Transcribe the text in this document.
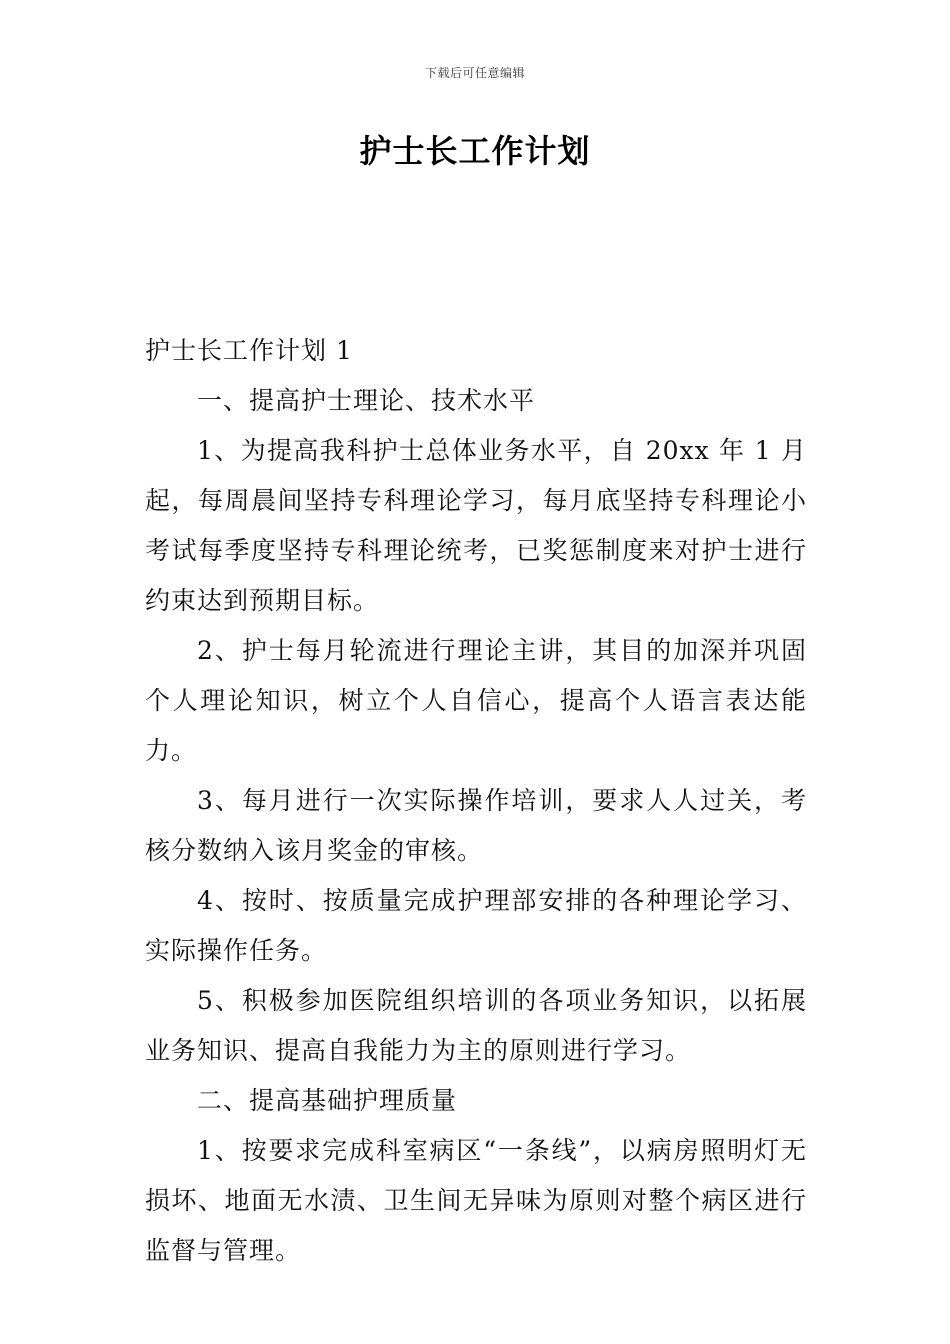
下载后可任意编辑
护士长工作计划

护士长工作计划 1

一、提高护士理论、技术水平

1、为提高我科护士总体业务水平，自 20xx 年 1 月起，每周晨间坚持专科理论学习，每月底坚持专科理论小考试每季度坚持专科理论统考，已奖惩制度来对护士进行约束达到预期目标。

2、护士每月轮流进行理论主讲，其目的加深并巩固个人理论知识，树立个人自信心，提高个人语言表达能力。

3、每月进行一次实际操作培训，要求人人过关，考核分数纳入该月奖金的审核。

4、按时、按质量完成护理部安排的各种理论学习、实际操作任务。

5、积极参加医院组织培训的各项业务知识，以拓展业务知识、提高自我能力为主的原则进行学习。

二、提高基础护理质量

1、按要求完成科室病区“一条线”，以病房照明灯无损坏、地面无水渍、卫生间无异味为原则对整个病区进行监督与管理。
